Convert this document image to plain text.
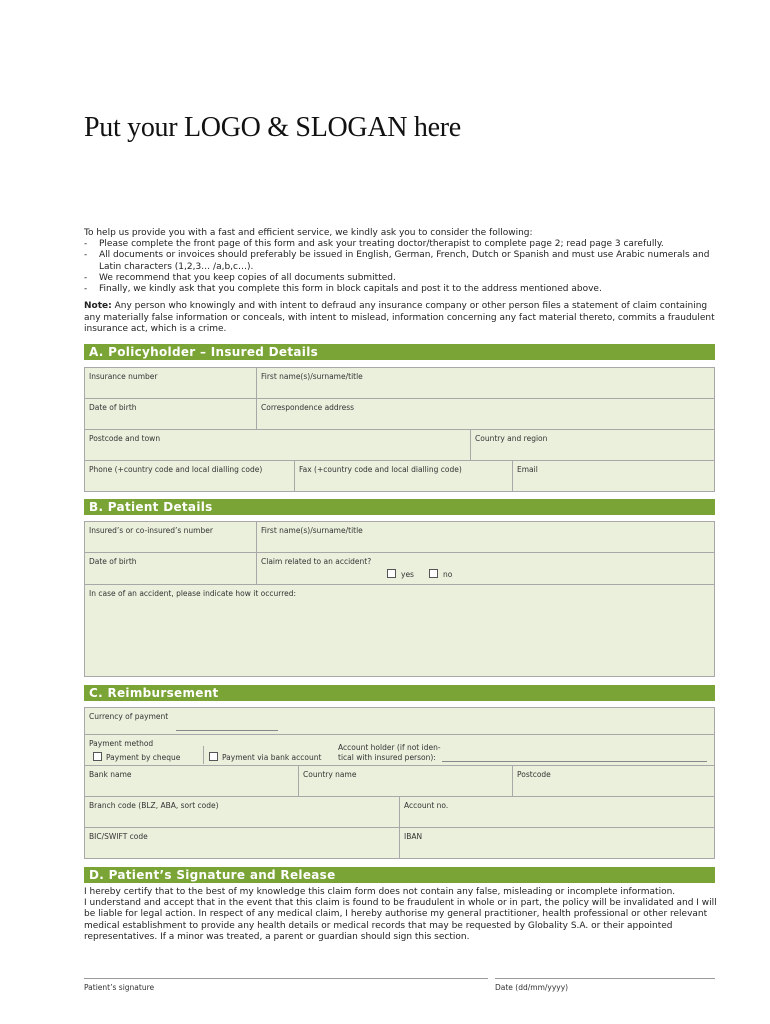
Put your LOGO & SLOGAN here
To help us provide you with a fast and efficient service, we kindly ask you to consider the following:
-	Please complete the front page of this form and ask your treating doctor/therapist to complete page 2; read page 3 carefully.
-	All documents or invoices should preferably be issued in English, German, French, Dutch or Spanish and must use Arabic numerals and Latin characters (1,2,3… /a,b,c…).
-	We recommend that you keep copies of all documents submitted.
-	Finally, we kindly ask that you complete this form in block capitals and post it to the address mentioned above.
Note: Any person who knowingly and with intent to defraud any insurance company or other person files a statement of claim containing any materially false information or conceals, with intent to mislead, information concerning any fact material thereto, commits a fraudulent insurance act, which is a crime.
A. Policyholder – Insured Details
Insurance number	First name(s)/surname/title
Date of birth	Correspondence address
Postcode and town	Country and region
Phone (+country code and local dialling code)	Fax (+country code and local dialling code)	Email
B. Patient Details
Insured’s or co-insured’s number	First name(s)/surname/title
Date of birth	Claim related to an accident?
yes	no
In case of an accident, please indicate how it occurred:
C. Reimbursement
Currency of payment
Payment method
Payment by cheque	Payment via bank account
Account holder (if not iden-
tical with insured person):
Bank name	Country name	Postcode
Branch code (BLZ, ABA, sort code)	Account no.
BIC/SWIFT code	IBAN
D. Patient’s Signature and Release
I hereby certify that to the best of my knowledge this claim form does not contain any false, misleading or incomplete information.
I understand and accept that in the event that this claim is found to be fraudulent in whole or in part, the policy will be invalidated and I will be liable for legal action. In respect of any medical claim, I hereby authorise my general practitioner, health professional or other relevant medical establishment to provide any health details or medical records that may be requested by Globality S.A. or their appointed representatives. If a minor was treated, a parent or guardian should sign this section.
Patient’s signature	Date (dd/mm/yyyy)
